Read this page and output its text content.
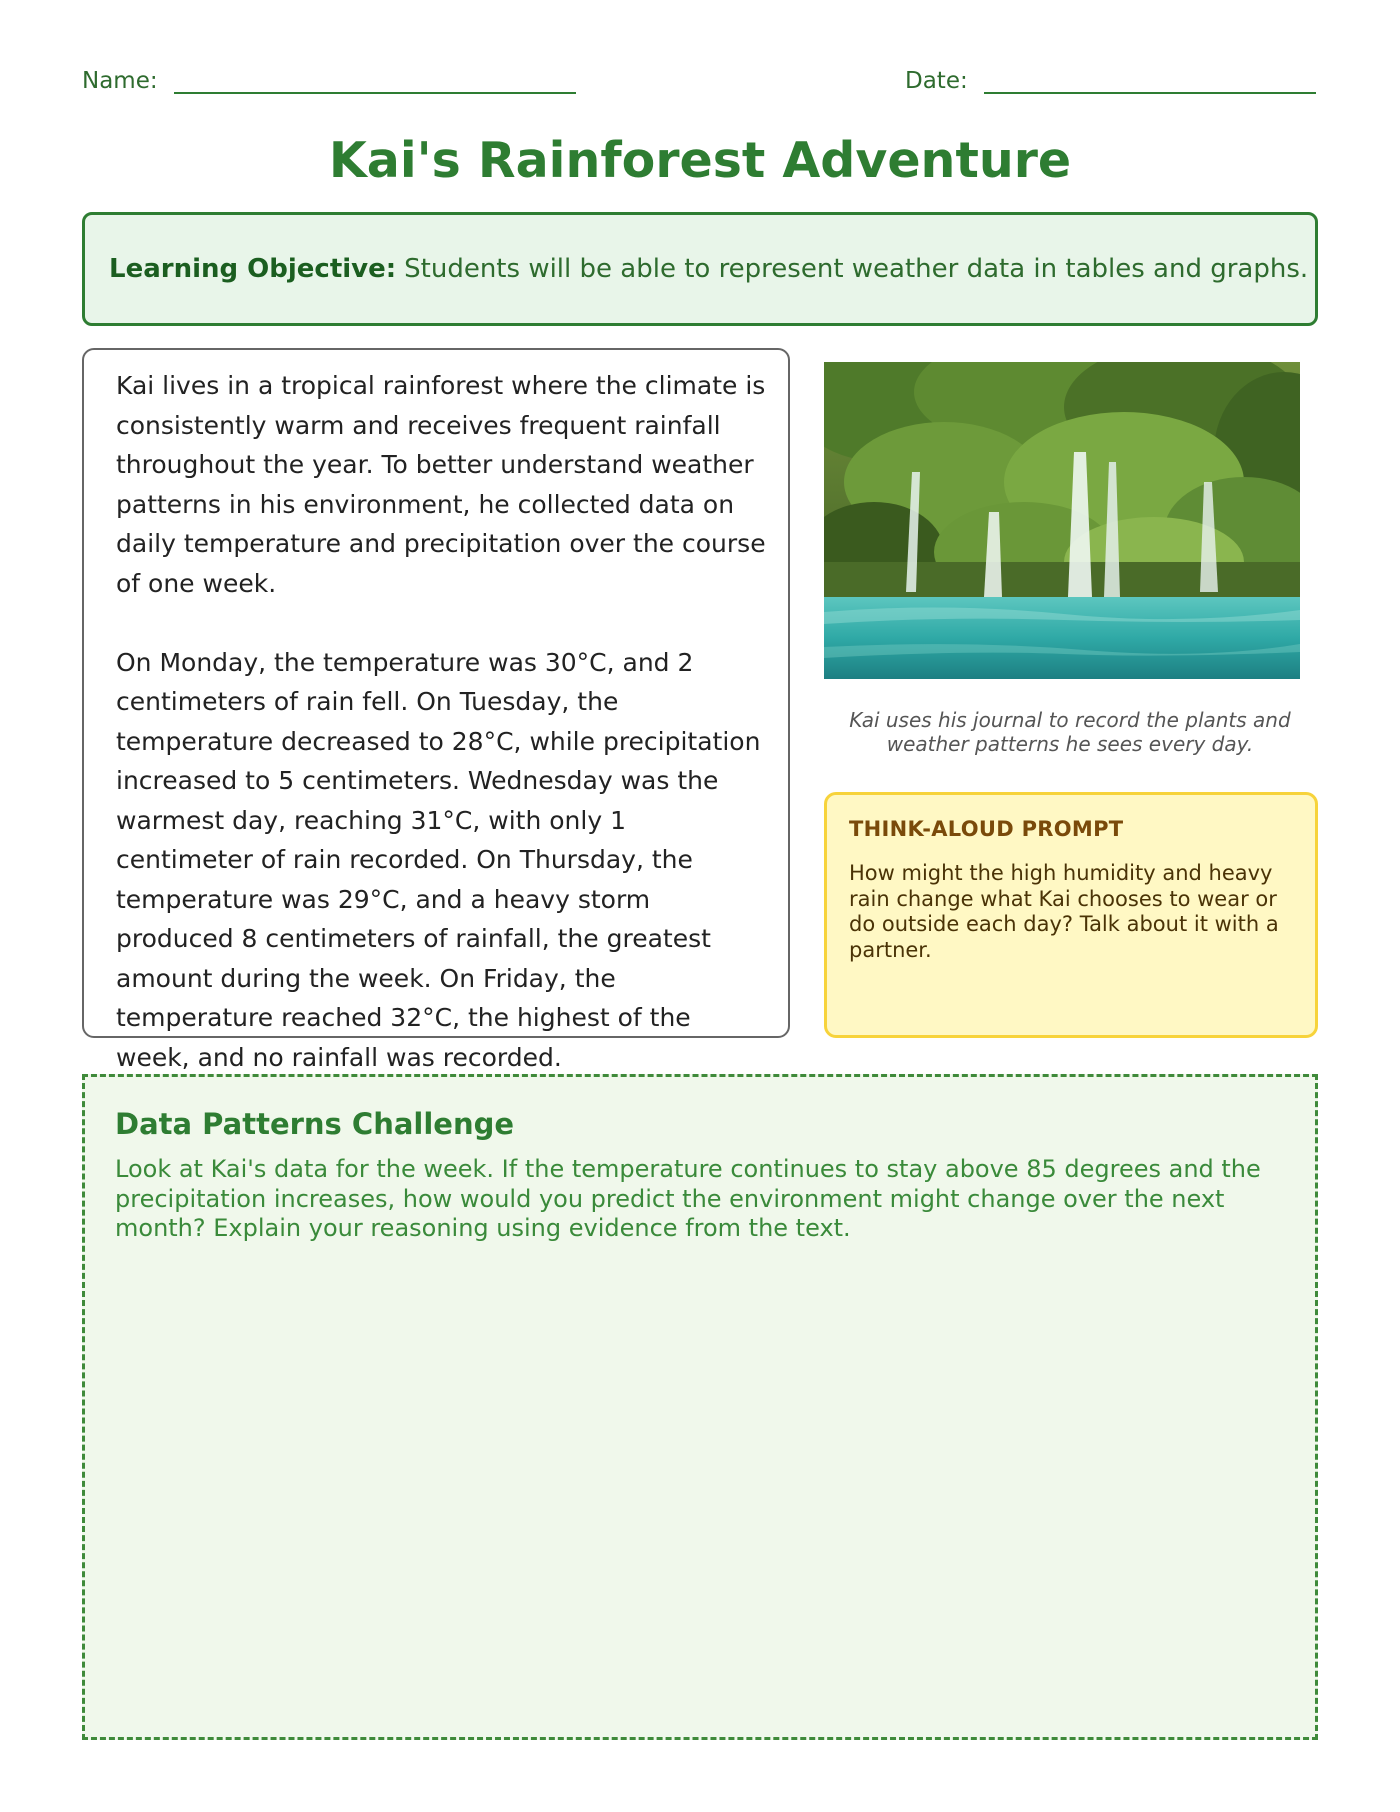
Name:	Date:
Kai's Rainforest Adventure
Learning Objective: Students will be able to represent weather data in tables and graphs.

Kai lives in a tropical rainforest where the climate is consistently warm and receives frequent rainfall throughout the year. To better understand weather patterns in his environment, he collected data on daily temperature and precipitation over the course of one week.

On Monday, the temperature was 30°C, and 2 centimeters of rain fell. On Tuesday, the temperature decreased to 28°C, while precipitation increased to 5 centimeters. Wednesday was the warmest day, reaching 31°C, with only 1 centimeter of rain recorded. On Thursday, the temperature was 29°C, and a heavy storm produced 8 centimeters of rainfall, the greatest amount during the week. On Friday, the temperature reached 32°C, the highest of the week, and no rainfall was recorded.

Kai uses his journal to record the plants and weather patterns he sees every day.
THINK-ALOUD PROMPT
How might the high humidity and heavy rain change what Kai chooses to wear or do outside each day? Talk about it with a partner.
Data Patterns Challenge
Look at Kai's data for the week. If the temperature continues to stay above 85 degrees and the precipitation increases, how would you predict the environment might change over the next month? Explain your reasoning using evidence from the text.
